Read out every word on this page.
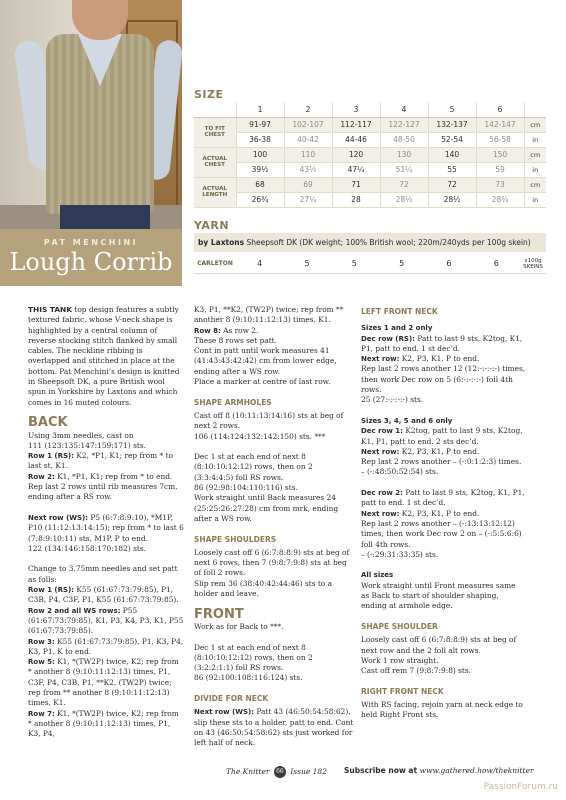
PAT MENCHINI
Lough Corrib
SIZE
	1	2	3	4	5	6	
TO FIT CHEST	91-97	102-107	112-117	122-127	132-137	142-147	cm
	36-38	40-42	44-46	48-50	52-54	56-58	in
ACTUAL CHEST	100	110	120	130	140	150	cm
	39½	43½	47¼	51¼	55	59	in
ACTUAL LENGTH	68	69	71	72	72	73	cm
	26¾	27¼	28	28½	28½	28¾	in
YARN
by Laxtons Sheepsoft DK (DK weight; 100% British wool; 220m/240yds per 100g skein)
CARLETON	4	5	5	5	6	6	x100g
SKEINS

THIS TANK top design features a subtly textured fabric, whose V-neck shape is highlighted by a central column of reverse stocking stitch flanked by small cables. The neckline ribbing is overlapped and stitched in place at the bottom. Pat Menchini’s design is knitted in Sheepsoft DK, a pure British wool spun in Yorkshire by Laxtons and which comes in 16 muted colours.

BACK

Using 3mm needles, cast on

111 (123:135:147:159:171) sts.

Row 1 (RS): K2, *P1, K1; rep from * to last st, K1.

Row 2: K1, *P1, K1; rep from * to end.

Rep last 2 rows until rib measures 7cm, ending after a RS row.

Next row (WS): P5 (6:7:8:9:10), *M1P, P10 (11:12:13:14:15); rep from * to last 6 (7:8:9:10:11) sts, M1P, P to end.

122 (134:146:158:170:182) sts.

Change to 3.75mm needles and set patt as folls:

Row 1 (RS): K55 (61:67:73:79:85), P1, C3B, P4, C3F, P1, K55 (61:67:73:79:85).

Row 2 and all WS rows: P55 (61:67:73:79:85), K1, P3, K4, P3, K1, P55 (61:67:73:79:85).

Row 3: K55 (61:67:73:79:85), P1, K3, P4, K3, P1, K to end.

Row 5: K1, *(TW2P) twice, K2; rep from * another 8 (9:10:11:12:13) times, P1, C3F, P4, C3B, P1, **K2, (TW2P) twice; rep from ** another 8 (9:10:11:12:13) times, K1.

Row 7: K1, *(TW2P) twice, K2; rep from * another 8 (9:10:11:12:13) times, P1, K3, P4,

K3, P1, **K2, (TW2P) twice; rep from ** another 8 (9:10:11:12:13) times, K1.

Row 8: As row 2.

These 8 rows set patt.

Cont in patt until work measures 41 (41:43:43:42:42) cm from lower edge, ending after a WS row.

Place a marker at centre of last row.

SHAPE ARMHOLES

Cast off 8 (10:11:13:14:16) sts at beg of next 2 rows.

106 (114:124:132:142:150) sts. ***

Dec 1 st at each end of next 8 (8:10:10:12:12) rows, then on 2 (3:3:4:4:5) foll RS rows.

86 (92:98:104:110:116) sts.

Work straight until Back measures 24 (25:25:26:27:28) cm from mrk, ending after a WS row.

SHAPE SHOULDERS

Loosely cast off 6 (6:7:8:8:9) sts at beg of next 6 rows, then 7 (9:8:7:9:8) sts at beg of foll 2 rows.

Slip rem 36 (38:40:42:44:46) sts to a holder and leave.

FRONT

Work as for Back to ***.

Dec 1 st at each end of next 8 (8:10:10:12:12) rows, then on 2 (3:2:2:1:1) foll RS rows.

86 (92:100:108:116:124) sts.

DIVIDE FOR NECK

Next row (WS): Patt 43 (46:50:54:58:62), slip these sts to a holder, patt to end. Cont on 43 (46:50:54:58:62) sts just worked for left half of neck.

LEFT FRONT NECK

Sizes 1 and 2 only

Dec row (RS): Patt to last 9 sts, K2tog, K1, P1, patt to end. 1 st dec’d.

Next row: K2, P3, K1, P to end.

Rep last 2 rows another 12 (12:-:-:-:-) times, then work Dec row on 5 (6:-:-:-:-) foll 4th rows.

25 (27:-:-:-:-) sts.

Sizes 3, 4, 5 and 6 only

Dec row 1: K2tog, patt to last 9 sts, K2tog, K1, P1, patt to end. 2 sts dec’d.

Next row: K2, P3, K1, P to end.

Rep last 2 rows another – (-:0:1:2:3) times.

– (-:48:50:52:54) sts.

Dec row 2: Patt to last 9 sts, K2tog, K1, P1, patt to end. 1 st dec’d.

Next row: K2, P3, K1, P to end.

Rep last 2 rows another – (-:13:13:12:12) times, then work Dec row 2 on – (-:5:5:6:6) foll 4th rows.

– (-:29:31:33:35) sts.

All sizes

Work straight until Front measures same as Back to start of shoulder shaping, ending at armhole edge.

SHAPE SHOULDER

Loosely cast off 6 (6:7:8:8:9) sts at beg of next row and the 2 foll alt rows.

Work 1 row straight.

Cast off rem 7 (9:8:7:9:8) sts.

RIGHT FRONT NECK

With RS facing, rejoin yarn at neck edge to held Right Front sts.

The Knitter 66 Issue 182 Subscribe now at www.gathered.how/theknitter
PassionForum.ru
